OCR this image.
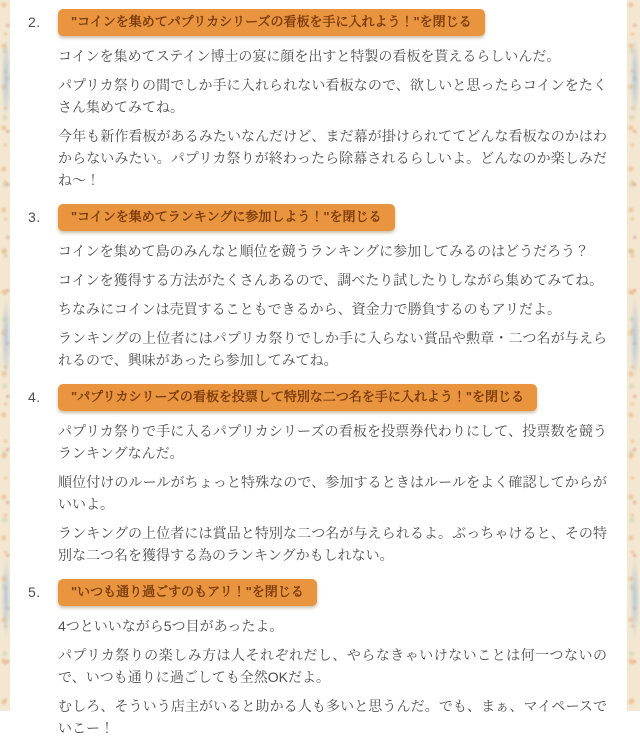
2.	"コインを集めてパプリカシリーズの看板を手に入れよう！"を閉じる

コインを集めてステイン博士の宴に顔を出すと特製の看板を貰えるらしいんだ。

パプリカ祭りの間でしか手に入れられない看板なので、欲しいと思ったらコインをたくさん集めてみてね。

今年も新作看板があるみたいなんだけど、まだ幕が掛けられててどんな看板なのかはわからないみたい。パプリカ祭りが終わったら除幕されるらしいよ。どんなのか楽しみだね〜！

3.	"コインを集めてランキングに参加しよう！"を閉じる

コインを集めて島のみんなと順位を競うランキングに参加してみるのはどうだろう？

コインを獲得する方法がたくさんあるので、調べたり試したりしながら集めてみてね。

ちなみにコインは売買することもできるから、資金力で勝負するのもアリだよ。

ランキングの上位者にはパプリカ祭りでしか手に入らない賞品や勲章・二つ名が与えられるので、興味があったら参加してみてね。

4.	"パプリカシリーズの看板を投票して特別な二つ名を手に入れよう！"を閉じる

パプリカ祭りで手に入るパプリカシリーズの看板を投票券代わりにして、投票数を競うランキングなんだ。

順位付けのルールがちょっと特殊なので、参加するときはルールをよく確認してからがいいよ。

ランキングの上位者には賞品と特別な二つ名が与えられるよ。ぶっちゃけると、その特別な二つ名を獲得する為のランキングかもしれない。

5.	"いつも通り過ごすのもアリ！"を閉じる

4つといいながら5つ目があったよ。

パプリカ祭りの楽しみ方は人それぞれだし、やらなきゃいけないことは何一つないので、いつも通りに過ごしても全然OKだよ。

むしろ、そういう店主がいると助かる人も多いと思うんだ。でも、まぁ、マイペースでいこー！
